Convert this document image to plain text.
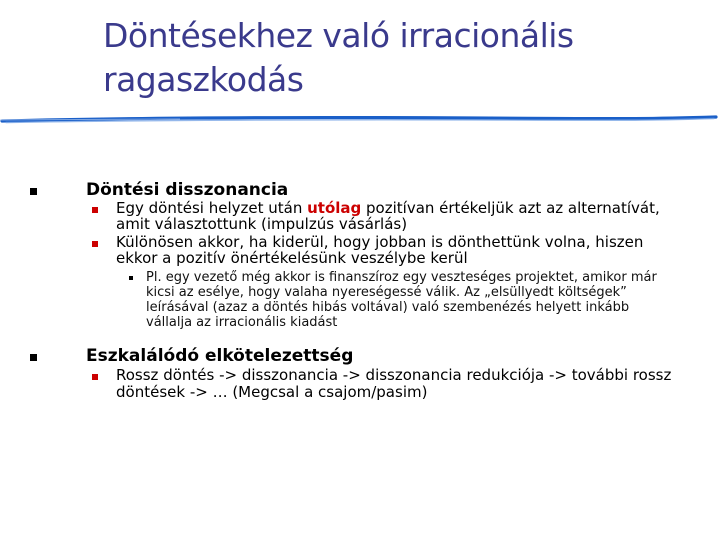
Döntésekhez való irracionális
ragaszkodás
Döntési disszonancia
Egy döntési helyzet után utólag pozitívan értékeljük azt az alternatívát,
amit választottunk (impulzús vásárlás)
Különösen akkor, ha kiderül, hogy jobban is dönthettünk volna, hiszen
ekkor a pozitív önértékelésünk veszélybe kerül
Pl. egy vezető még akkor is finanszíroz egy veszteséges projektet, amikor már
kicsi az esélye, hogy valaha nyereségessé válik. Az „elsüllyedt költségek”
leírásával (azaz a döntés hibás voltával) való szembenézés helyett inkább
vállalja az irracionális kiadást
Eszkalálódó elkötelezettség
Rossz döntés -> disszonancia -> disszonancia redukciója -> további rossz
döntések -> … (Megcsal a csajom/pasim)
